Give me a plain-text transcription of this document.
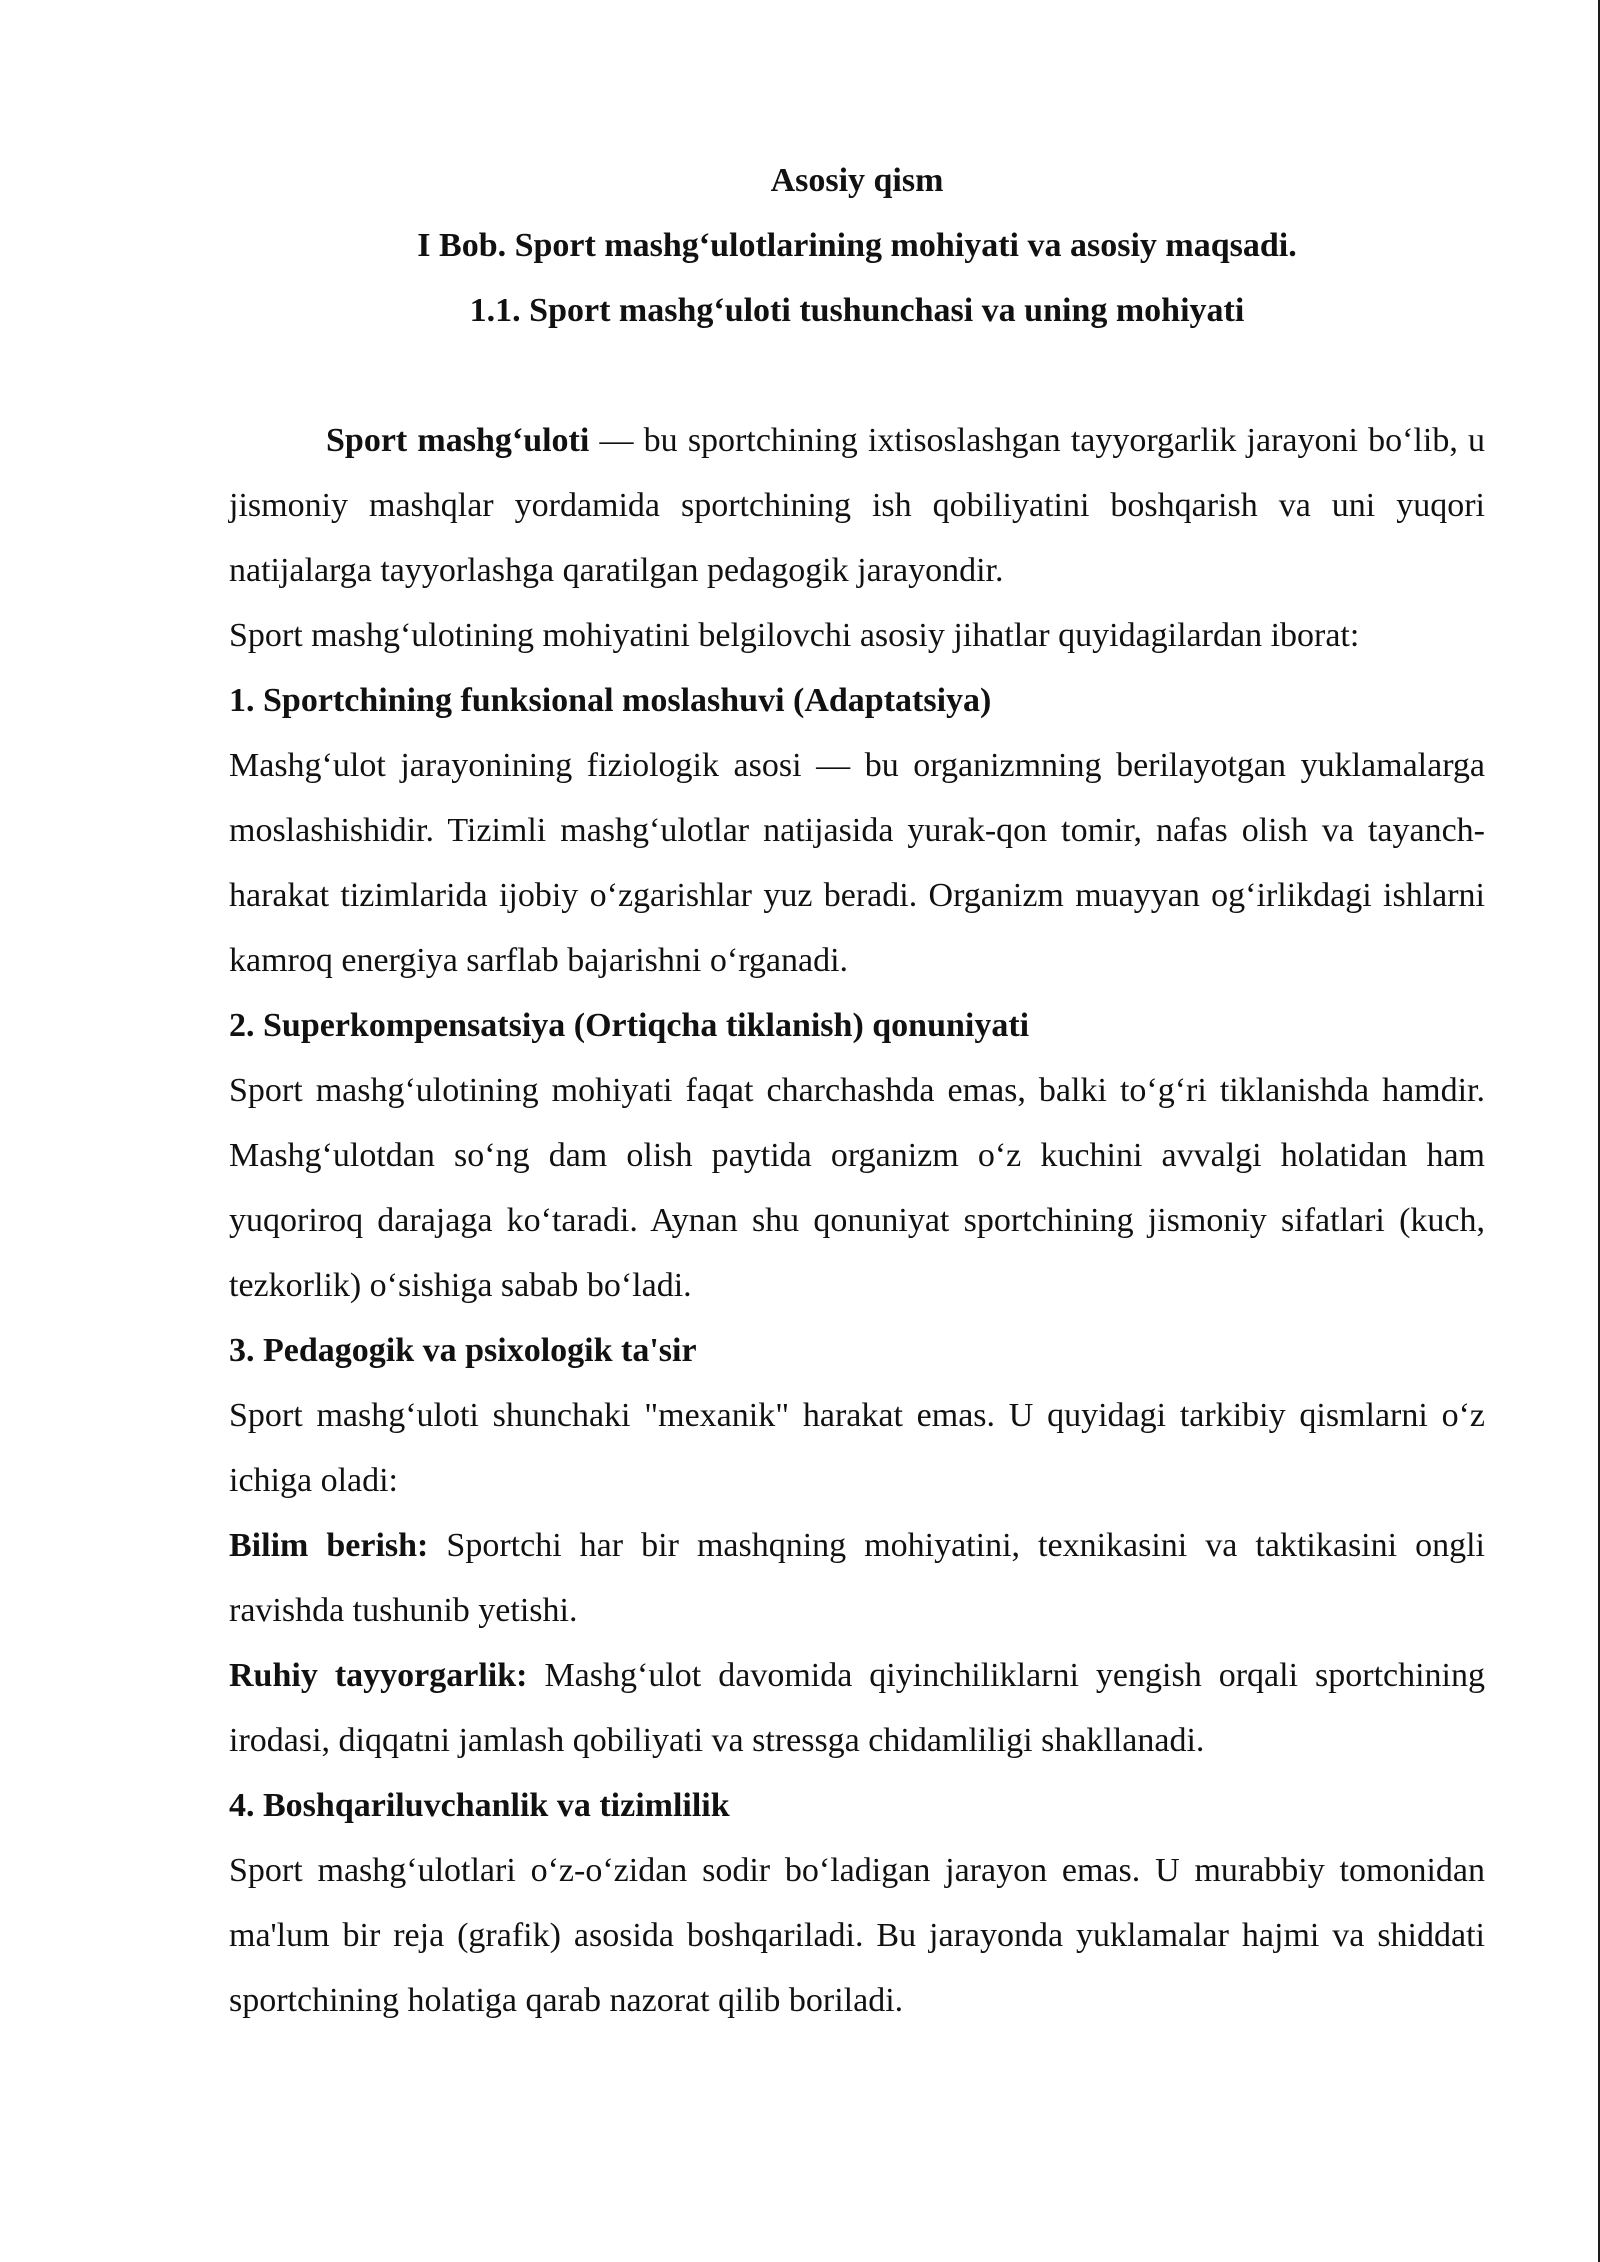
Asosiy qism
I Bob. Sport mashg‘ulotlarining mohiyati va asosiy maqsadi.
1.1. Sport mashg‘uloti tushunchasi va uning mohiyati

Sport mashg‘uloti — bu sportchining ixtisoslashgan tayyorgarlik jarayoni bo‘lib, u jismoniy mashqlar yordamida sportchining ish qobiliyatini boshqarish va uni yuqori natijalarga tayyorlashga qaratilgan pedagogik jarayondir.

Sport mashg‘ulotining mohiyatini belgilovchi asosiy jihatlar quyidagilardan iborat:

1. Sportchining funksional moslashuvi (Adaptatsiya)

Mashg‘ulot jarayonining fiziologik asosi — bu organizmning berilayotgan yuklamalarga moslashishidir. Tizimli mashg‘ulotlar natijasida yurak-qon tomir, nafas olish va tayanch-harakat tizimlarida ijobiy o‘zgarishlar yuz beradi. Organizm muayyan og‘irlikdagi ishlarni kamroq energiya sarflab bajarishni o‘rganadi.

2. Superkompensatsiya (Ortiqcha tiklanish) qonuniyati

Sport mashg‘ulotining mohiyati faqat charchashda emas, balki to‘g‘ri tiklanishda hamdir. Mashg‘ulotdan so‘ng dam olish paytida organizm o‘z kuchini avvalgi holatidan ham yuqoriroq darajaga ko‘taradi. Aynan shu qonuniyat sportchining jismoniy sifatlari (kuch, tezkorlik) o‘sishiga sabab bo‘ladi.

3. Pedagogik va psixologik ta'sir

Sport mashg‘uloti shunchaki "mexanik" harakat emas. U quyidagi tarkibiy qismlarni o‘z ichiga oladi:

Bilim berish: Sportchi har bir mashqning mohiyatini, texnikasini va taktikasini ongli ravishda tushunib yetishi.

Ruhiy tayyorgarlik: Mashg‘ulot davomida qiyinchiliklarni yengish orqali sportchining irodasi, diqqatni jamlash qobiliyati va stressga chidamliligi shakllanadi.

4. Boshqariluvchanlik va tizimlilik

Sport mashg‘ulotlari o‘z-o‘zidan sodir bo‘ladigan jarayon emas. U murabbiy tomonidan ma'lum bir reja (grafik) asosida boshqariladi. Bu jarayonda yuklamalar hajmi va shiddati sportchining holatiga qarab nazorat qilib boriladi.
